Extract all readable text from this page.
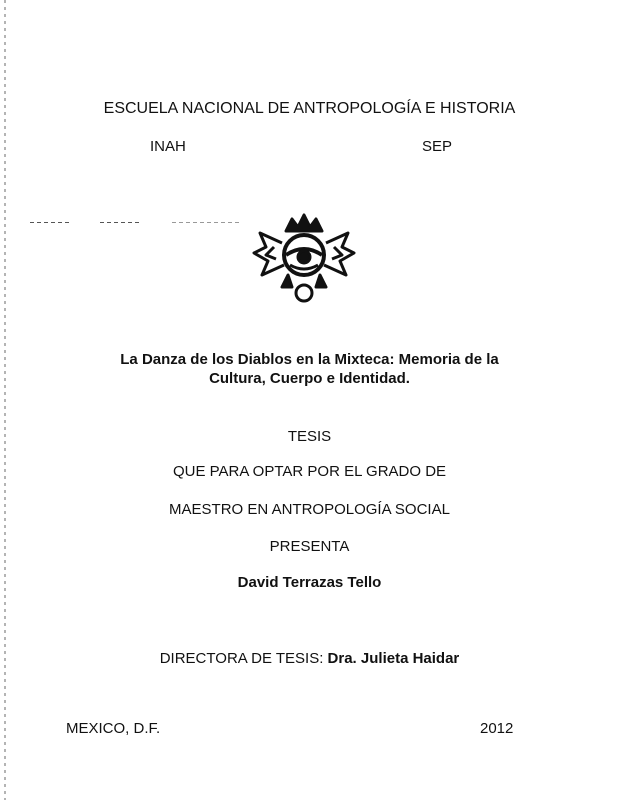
ESCUELA NACIONAL DE ANTROPOLOGÍA E HISTORIA
INAH	SEP
La Danza de los Diablos en la Mixteca: Memoria de la
Cultura, Cuerpo e Identidad.
TESIS
QUE PARA OPTAR POR EL GRADO DE
MAESTRO EN ANTROPOLOGÍA SOCIAL
PRESENTA
David Terrazas Tello
DIRECTORA DE TESIS: Dra. Julieta Haidar
MEXICO, D.F.	2012
